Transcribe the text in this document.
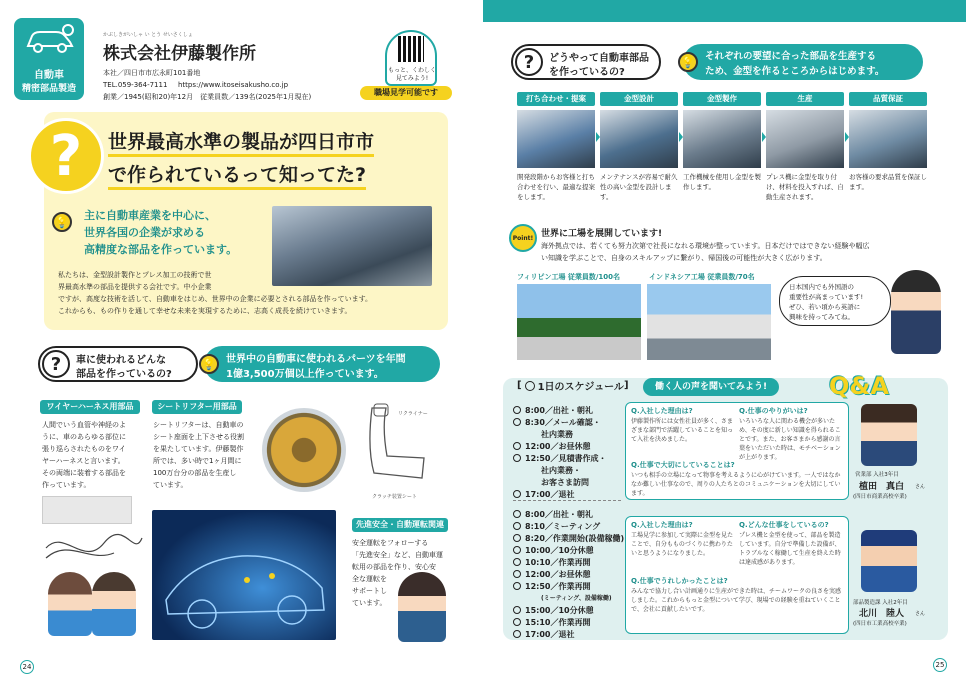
自動車
精密部品製造
かぶしきがいしゃ い とう せいさくしょ
株式会社伊藤製作所
本社／四日市市広永町101番地
TEL.059-364-7111 https://www.itoseisakusho.co.jp
創業／1945(昭和20)年12月　従業員数／139名(2025年1月現在)
もっと、くわしく
見てみよう!
職場見学可能です
?	世界最高水準の製品が四日市市
で作られているって知ってた?
💡 主に自動車産業を中心に、
世界各国の企業が求める
高精度な部品を作っています。
私たちは、金型設計製作とプレス加工の技術で世
界最高水準の部品を提供する会社です。中小企業
ですが、高度な技術を活して、自動車をはじめ、世界中の企業に必要とされる部品を作っています。
これからも、もの作りを通して幸せな未来を実現するために、志高く成長を続けていきます。
?	車に使われるどんな
部品を作っているの?
💡	世界中の自動車に使われるパーツを年間
1億3,500万個以上作っています。
ワイヤーハーネス用部品
人間でいう血管や神経のよ
うに、車のあらゆる部位に
張り巡らされたものをワイ
ヤーハーネスと言います。
その両端に装着する部品を
作っています。
シートリフター用部品
シートリフターは、自動車の
シート座面を上下させる役割
を果たしています。伊藤製作
所では、多い時で1ヶ月間に
100万台分の部品を生産し
ています。
リクライナー
クラッチ装置シート
先進安全・自動運転関連
安全運転をフォローする
「先進安全」など、自動車運
転用の部品を作り、安心安
全な運転を
サポートし
ています。
24
?	どうやって自動車部品
を作っているの?
💡	それぞれの要望に合った部品を生産する
ため、金型を作るところからはじめます。
Point! 世界に工場を展開しています!
海外拠点では、若くても努力次第で社長になれる環境が整っています。日本だけではできない経験や幅広
い知識を学ぶことで、自身のスキルアップに繋がり、帰国後の可能性が大きく広がります。
フィリピン工場 従業員数/100名	インドネシア工場 従業員数/70名
日本国内でも外国語の
重要性が高まっています!
ぜひ、若い頃から英語に
興味を持ってみてね。
[ 1日のスケジュール ]	働く人の声を聞いてみよう!	Q&A
営業部 入社3年目
植田　真白 さん
(四日市商業高校卒業)
部品製造課 入社2年目
北川　陸人 さん
(四日市工業高校卒業)
25
打ち合わせ・提案
開発段階からお客様と打ち合わせを行い、最適な提案をします。
金型設計
メンテナンスが容易で耐久性の高い金型を設計します。
金型製作
工作機械を使用し金型を製作します。
生産
プレス機に金型を取り付け、材料を投入すれば、自動生産されます。
品質保証
お客様の要求品質を保証します。
8:00／出社・朝礼
8:30／メール確認・
社内業務
12:00／お昼休憩
12:50／見積書作成・
社内業務・
お客さま訪問
17:00／退社
8:00／出社・朝礼
8:10／ミーティング
8:20／作業開始(設備稼働)
10:00／10分休憩
10:10／作業再開
12:00／お昼休憩
12:50／作業再開
(ミーティング、設備稼働)
15:00／10分休憩
15:10／作業再開
17:00／退社
Q.入社した理由は?
伊藤製作所には女性社員が多く、さまざまな部門で活躍していることを知って入社を決めました。
Q.仕事のやりがいは?
いろいろな人に関わる機会が多いため、その度に新しい知識を得られることです。また、お客さまから感謝の言葉をいただいた時は、モチベーションが上がります。
Q.仕事で大切にしていることは?
いつも相手の立場になって物事を考えるように心がけています。一人ではなかなか難しい仕事なので、周りの人たちとのコミュニケーションを大切にしています。
Q.入社した理由は?
工場見学に参加して実際に金型を見たことで、自分もものづくりに携わりたいと思うようになりました。
Q.どんな仕事をしているの?
プレス機と金型を使って、部品を製造しています。自分で準備した設備が、トラブルなく稼働して生産を終えた時は達成感があります。
Q.仕事でうれしかったことは?
みんなで協力し合い計画通りに生産ができた時は、チームワークの良さを実感しました。これからもっと金型について学び、現場での経験を重ねていくことで、会社に貢献したいです。
